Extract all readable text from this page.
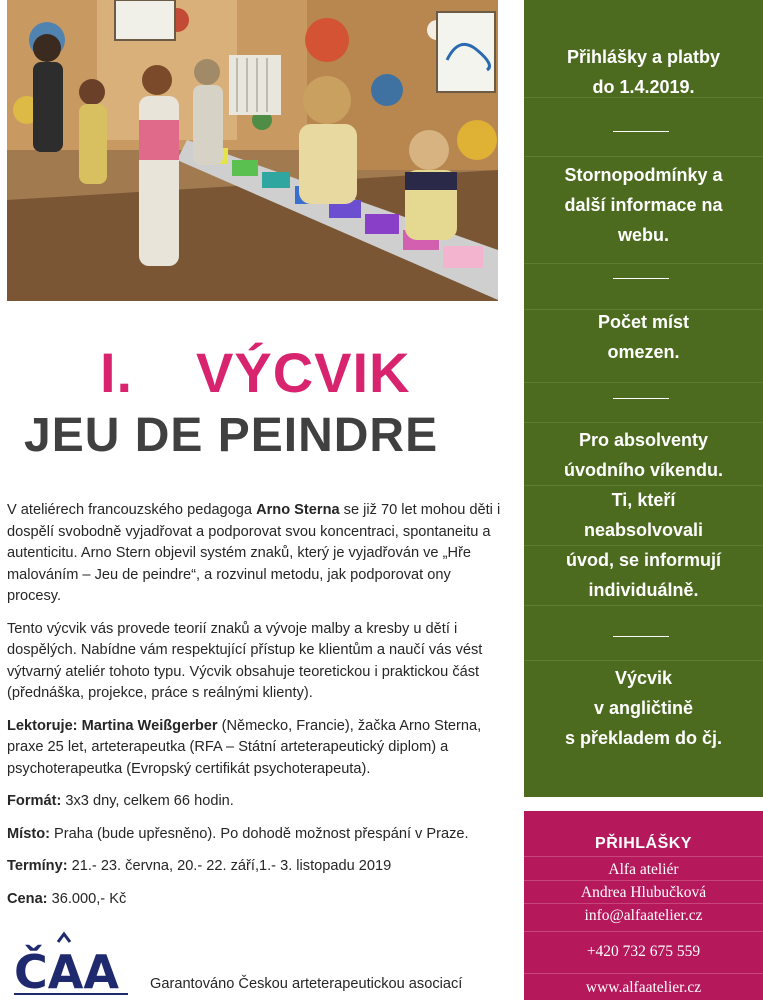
I. VÝCVIK
JEU DE PEINDRE

V ateliérech francouzského pedagoga Arno Sterna se již 70 let mohou děti i dospělí svobodně vyjadřovat a podporovat svou koncentraci, spontaneitu a autenticitu. Arno Stern objevil systém znaků, který je vyjadřován ve „Hře malováním – Jeu de peindre“, a rozvinul metodu, jak podporovat ony procesy.

Tento výcvik vás provede teorií znaků a vývoje malby a kresby u dětí i dospělých. Nabídne vám respektující přístup ke klientům a naučí vás vést výtvarný ateliér tohoto typu. Výcvik obsahuje teoretickou i praktickou část (přednáška, projekce, práce s reálnými klienty).

Lektoruje: Martina Weißgerber (Německo, Francie), žačka Arno Sterna, praxe 25 let, arteterapeutka (RFA – Státní arteterapeutický diplom) a psychoterapeutka (Evropský certifikát psychoterapeuta).

Formát: 3x3 dny, celkem 66 hodin.

Místo: Praha (bude upřesněno). Po dohodě možnost přespání v Praze.

Termíny: 21.- 23. června, 20.- 22. září,1.- 3. listopadu 2019

Cena: 36.000,- Kč

ČAA Garantováno Českou arteterapeutickou asociací
Přihlášky a platby
do 1.4.2019.
Stornopodmínky a
další informace na
webu.
Počet míst
omezen.
Pro absolventy
úvodního víkendu.
Ti, kteří
neabsolvovali
úvod, se informují
individuálně.
Výcvik
v angličtině
s překladem do čj.
PŘIHLÁŠKY
Alfa ateliér
Andrea Hlubučková
info@alfaatelier.cz
+420 732 675 559
www.alfaatelier.cz
